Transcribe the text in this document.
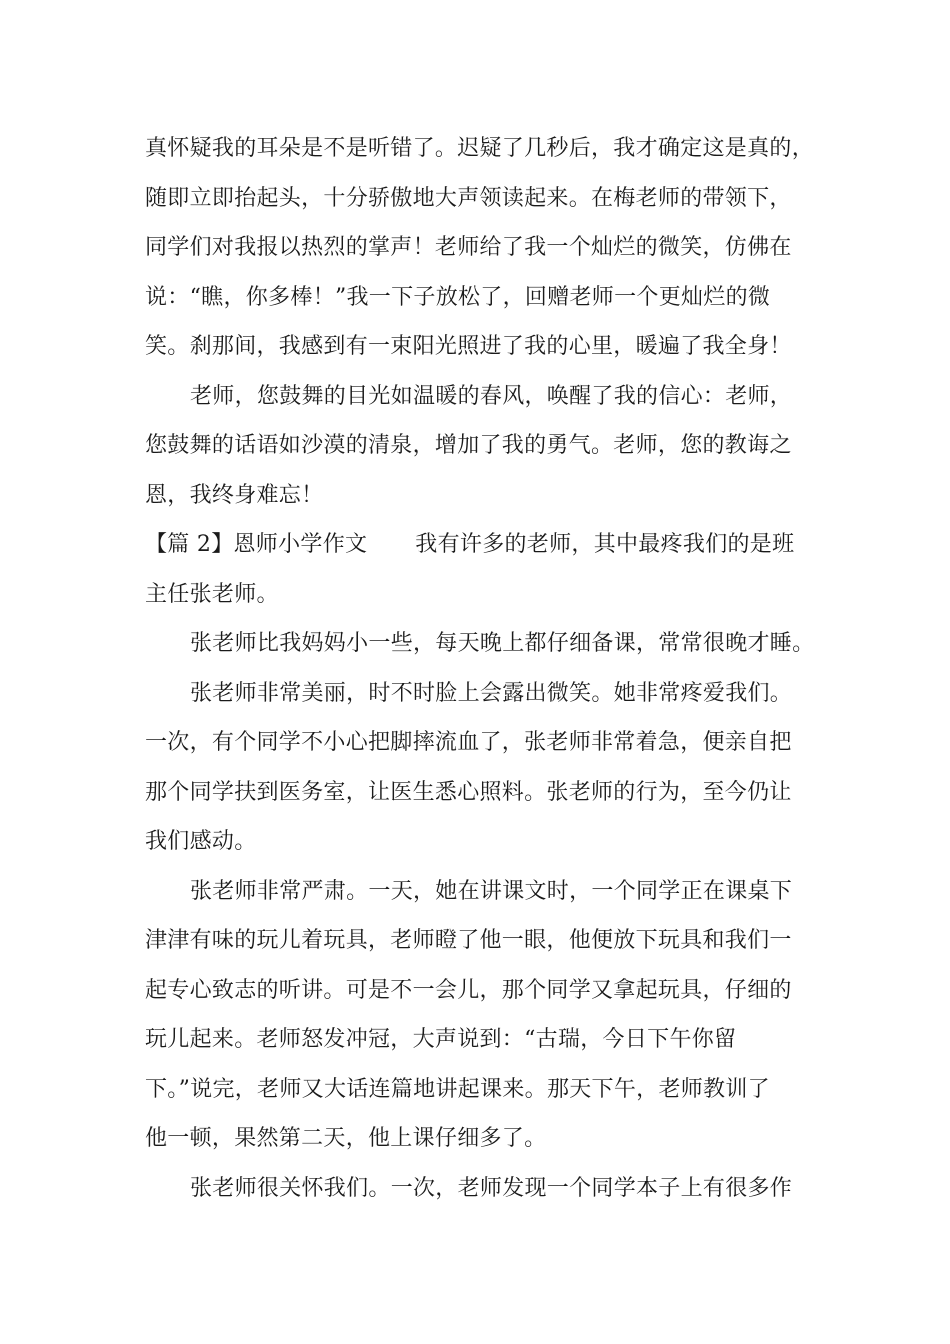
真怀疑我的耳朵是不是听错了。迟疑了几秒后，我才确定这是真的，
随即立即抬起头，十分骄傲地大声领读起来。在梅老师的带领下，
同学们对我报以热烈的掌声！老师给了我一个灿烂的微笑，仿佛在
说：“瞧，你多棒！”我一下子放松了，回赠老师一个更灿烂的微
笑。刹那间，我感到有一束阳光照进了我的心里，暖遍了我全身！
老师，您鼓舞的目光如温暖的春风，唤醒了我的信心：老师，
您鼓舞的话语如沙漠的清泉，增加了我的勇气。老师，您的教诲之
恩，我终身难忘！
【篇 2】恩师小学作文 我有许多的老师，其中最疼我们的是班
主任张老师。
张老师比我妈妈小一些，每天晚上都仔细备课，常常很晚才睡。
张老师非常美丽，时不时脸上会露出微笑。她非常疼爱我们。
一次，有个同学不小心把脚摔流血了，张老师非常着急，便亲自把
那个同学扶到医务室，让医生悉心照料。张老师的行为，至今仍让
我们感动。
张老师非常严肃。一天，她在讲课文时，一个同学正在课桌下
津津有味的玩儿着玩具，老师瞪了他一眼，他便放下玩具和我们一
起专心致志的听讲。可是不一会儿，那个同学又拿起玩具，仔细的
玩儿起来。老师怒发冲冠，大声说到：“古瑞，今日下午你留
下。”说完，老师又大话连篇地讲起课来。那天下午，老师教训了
他一顿，果然第二天，他上课仔细多了。
张老师很关怀我们。一次，老师发现一个同学本子上有很多作
